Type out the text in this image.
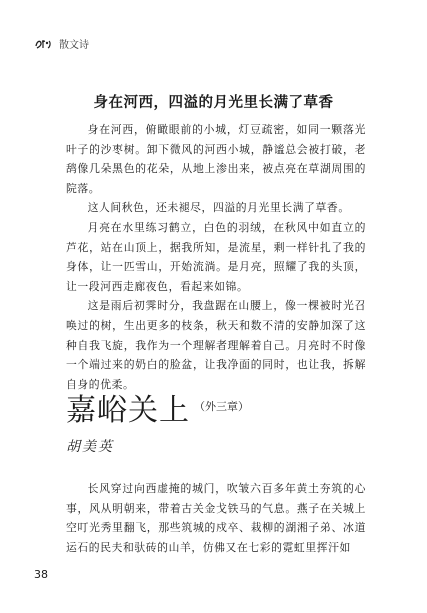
散文诗
身在河西，四溢的月光里长满了草香

身在河西，俯瞰眼前的小城，灯豆疏密，如同一颗落光叶子的沙枣树。卸下微风的河西小城，静谧总会被打破，老鸹像几朵黑色的花朵，从地上渗出来，被点亮在草湖周围的院落。

这人间秋色，还未褪尽，四溢的月光里长满了草香。

月亮在水里练习鹤立，白色的羽绒，在秋风中如直立的芦花，站在山顶上，据我所知，是流星，剩一样针扎了我的身体，让一匹雪山，开始流淌。是月亮，照耀了我的头顶，让一段河西走廊夜色，看起来如锦。

这是雨后初霁时分，我盘踞在山腰上，像一棵被时光召唤过的树，生出更多的枝条，秋天和数不清的安静加深了这种自我飞旋，我作为一个理解者理解着自己。月亮时不时像一个端过来的奶白的脸盆，让我净面的同时，也让我，拆解自身的优柔。

嘉峪关上 （外三章）
胡美英

长风穿过向西虚掩的城门，吹皱六百多年黄土夯筑的心事，风从明朝来，带着古关金戈铁马的气息。燕子在关城上空叮光秀里翻飞，那些筑城的戍卒、栽柳的湖湘子弟、冰道运石的民夫和驮砖的山羊，仿佛又在七彩的霓虹里挥汗如

38
